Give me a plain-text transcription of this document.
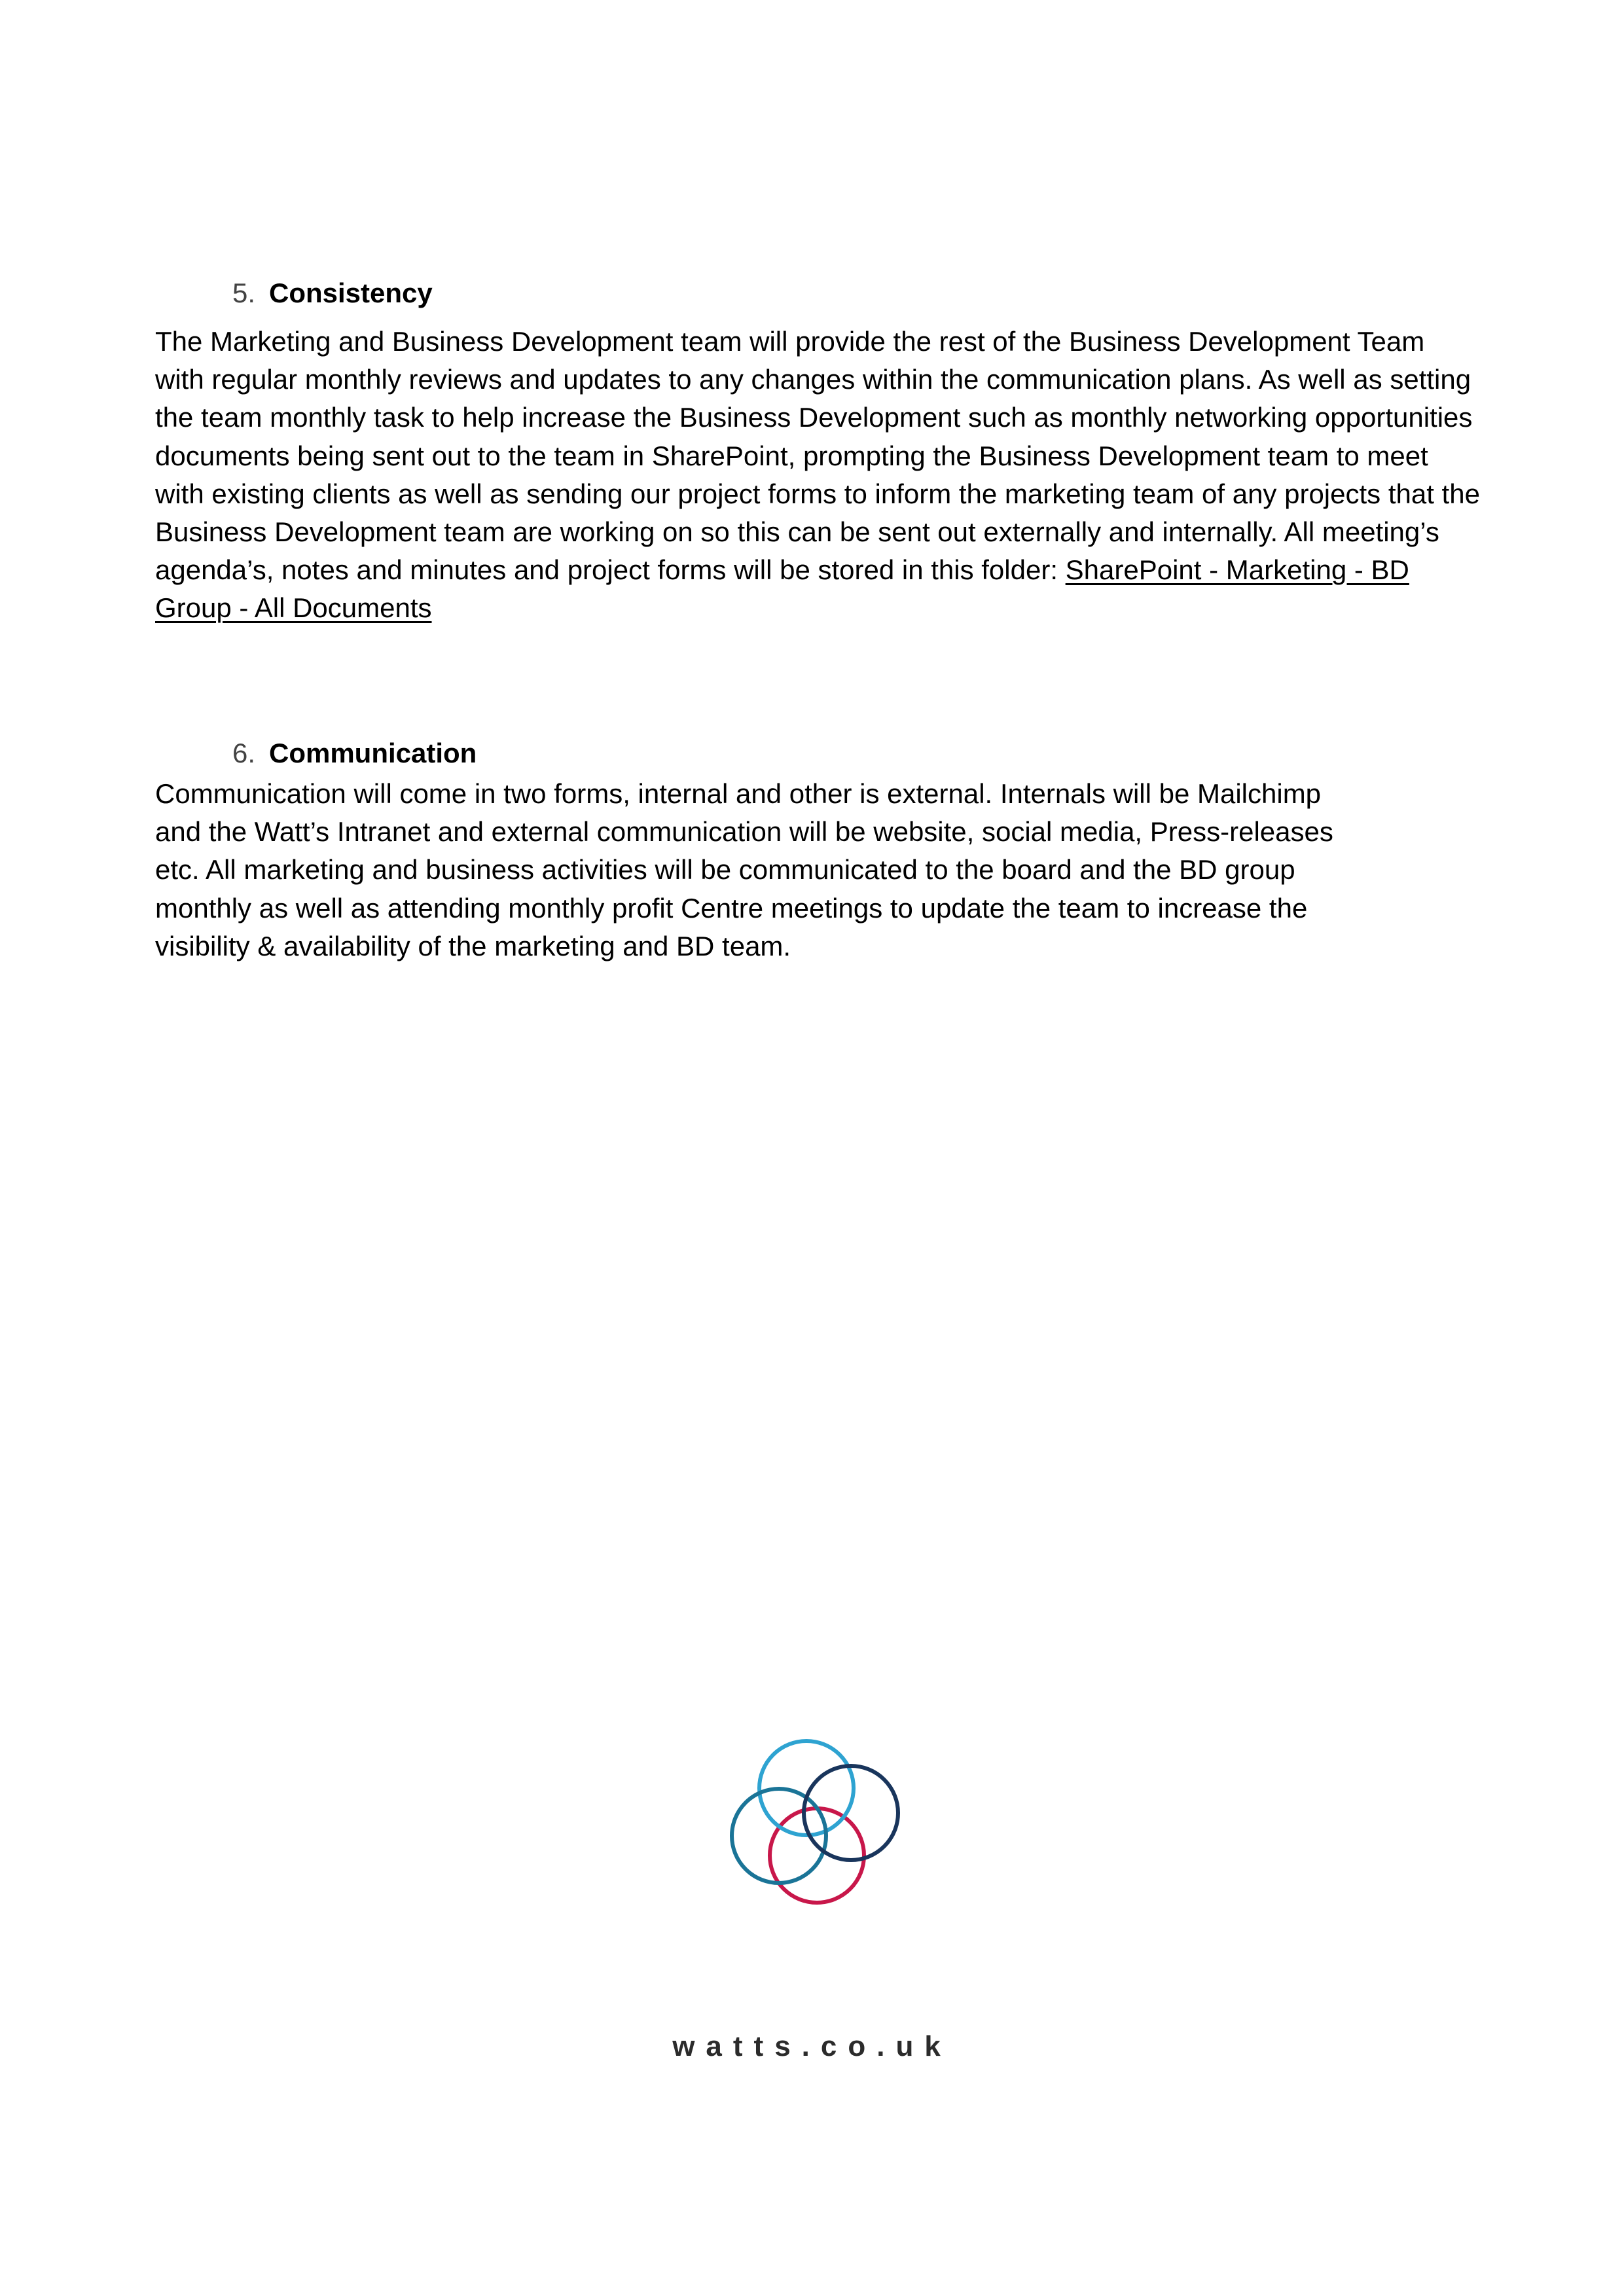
5. Consistency

The Marketing and Business Development team will provide the rest of the Business Development Team
with regular monthly reviews and updates to any changes within the communication plans. As well as setting
the team monthly task to help increase the Business Development such as monthly networking opportunities
documents being sent out to the team in SharePoint, prompting the Business Development team to meet
with existing clients as well as sending our project forms to inform the marketing team of any projects that the
Business Development team are working on so this can be sent out externally and internally. All meeting’s
agenda’s, notes and minutes and project forms will be stored in this folder: SharePoint - Marketing - BD
Group - All Documents

6. Communication

Communication will come in two forms, internal and other is external. Internals will be Mailchimp
and the Watt’s Intranet and external communication will be website, social media, Press-releases
etc. All marketing and business activities will be communicated to the board and the BD group
monthly as well as attending monthly profit Centre meetings to update the team to increase the
visibility & availability of the marketing and BD team.

watts.co.uk
